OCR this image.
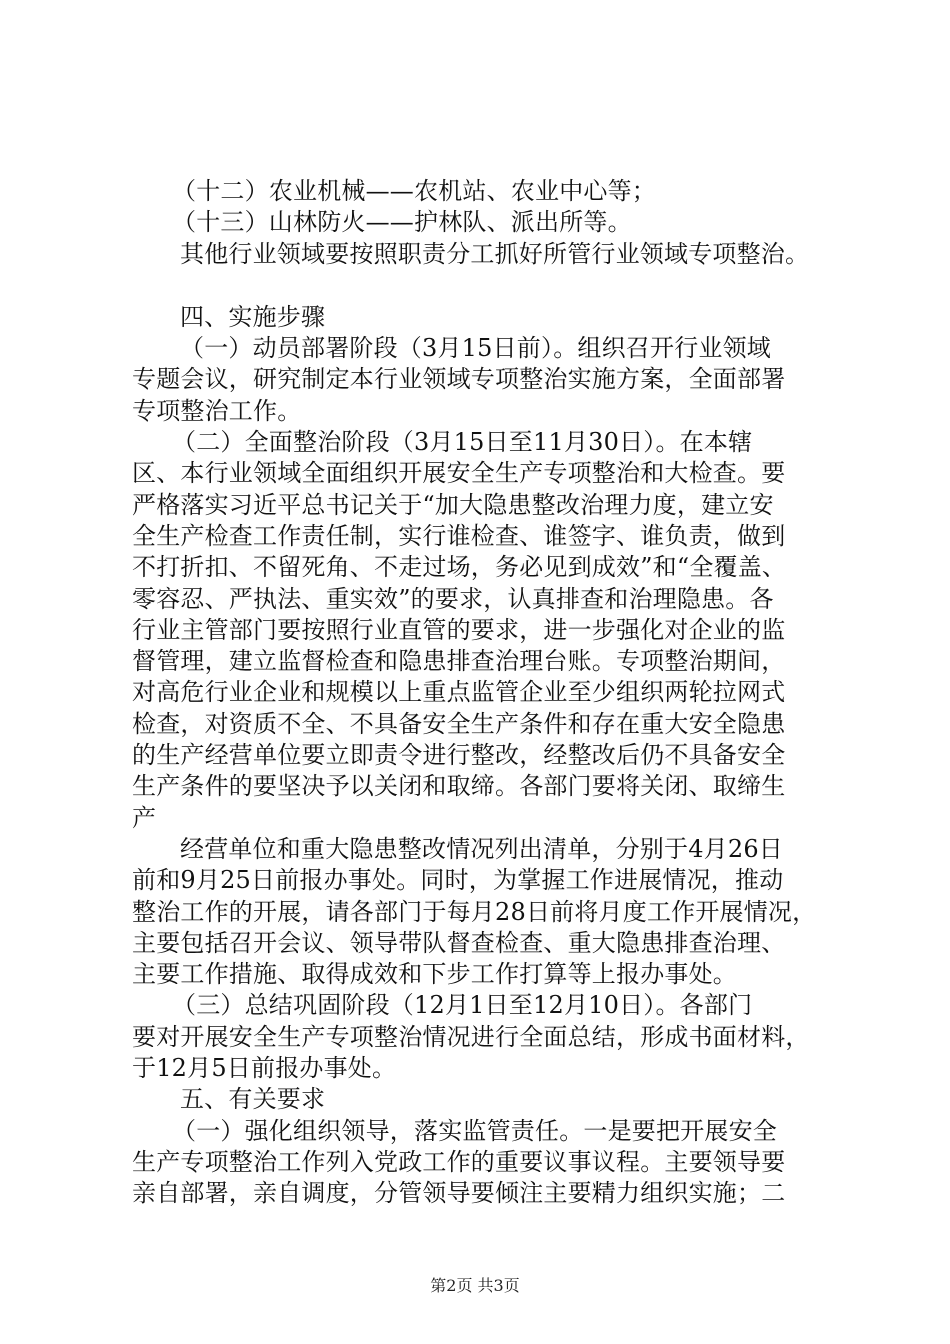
（十二）农业机械——农机站、农业中心等；
（十三）山林防火——护林队、派出所等。
其他行业领域要按照职责分工抓好所管行业领域专项整治。
四、实施步骤
（一）动员部署阶段（3月15日前）。组织召开行业领域
专题会议，研究制定本行业领域专项整治实施方案，全面部署
专项整治工作。
（二）全面整治阶段（3月15日至11月30日）。在本辖
区、本行业领域全面组织开展安全生产专项整治和大检查。要
严格落实习近平总书记关于“加大隐患整改治理力度，建立安
全生产检查工作责任制，实行谁检查、谁签字、谁负责，做到
不打折扣、不留死角、不走过场，务必见到成效”和“全覆盖、
零容忍、严执法、重实效”的要求，认真排查和治理隐患。各
行业主管部门要按照行业直管的要求，进一步强化对企业的监
督管理，建立监督检查和隐患排查治理台账。专项整治期间，
对高危行业企业和规模以上重点监管企业至少组织两轮拉网式
检查，对资质不全、不具备安全生产条件和存在重大安全隐患
的生产经营单位要立即责令进行整改，经整改后仍不具备安全
生产条件的要坚决予以关闭和取缔。各部门要将关闭、取缔生
产
经营单位和重大隐患整改情况列出清单，分别于4月26日
前和9月25日前报办事处。同时，为掌握工作进展情况，推动
整治工作的开展，请各部门于每月28日前将月度工作开展情况，
主要包括召开会议、领导带队督查检查、重大隐患排查治理、
主要工作措施、取得成效和下步工作打算等上报办事处。
（三）总结巩固阶段（12月1日至12月10日）。各部门
要对开展安全生产专项整治情况进行全面总结，形成书面材料，
于12月5日前报办事处。
五、有关要求
（一）强化组织领导，落实监管责任。一是要把开展安全
生产专项整治工作列入党政工作的重要议事议程。主要领导要
亲自部署，亲自调度，分管领导要倾注主要精力组织实施；二
第2页 共3页
